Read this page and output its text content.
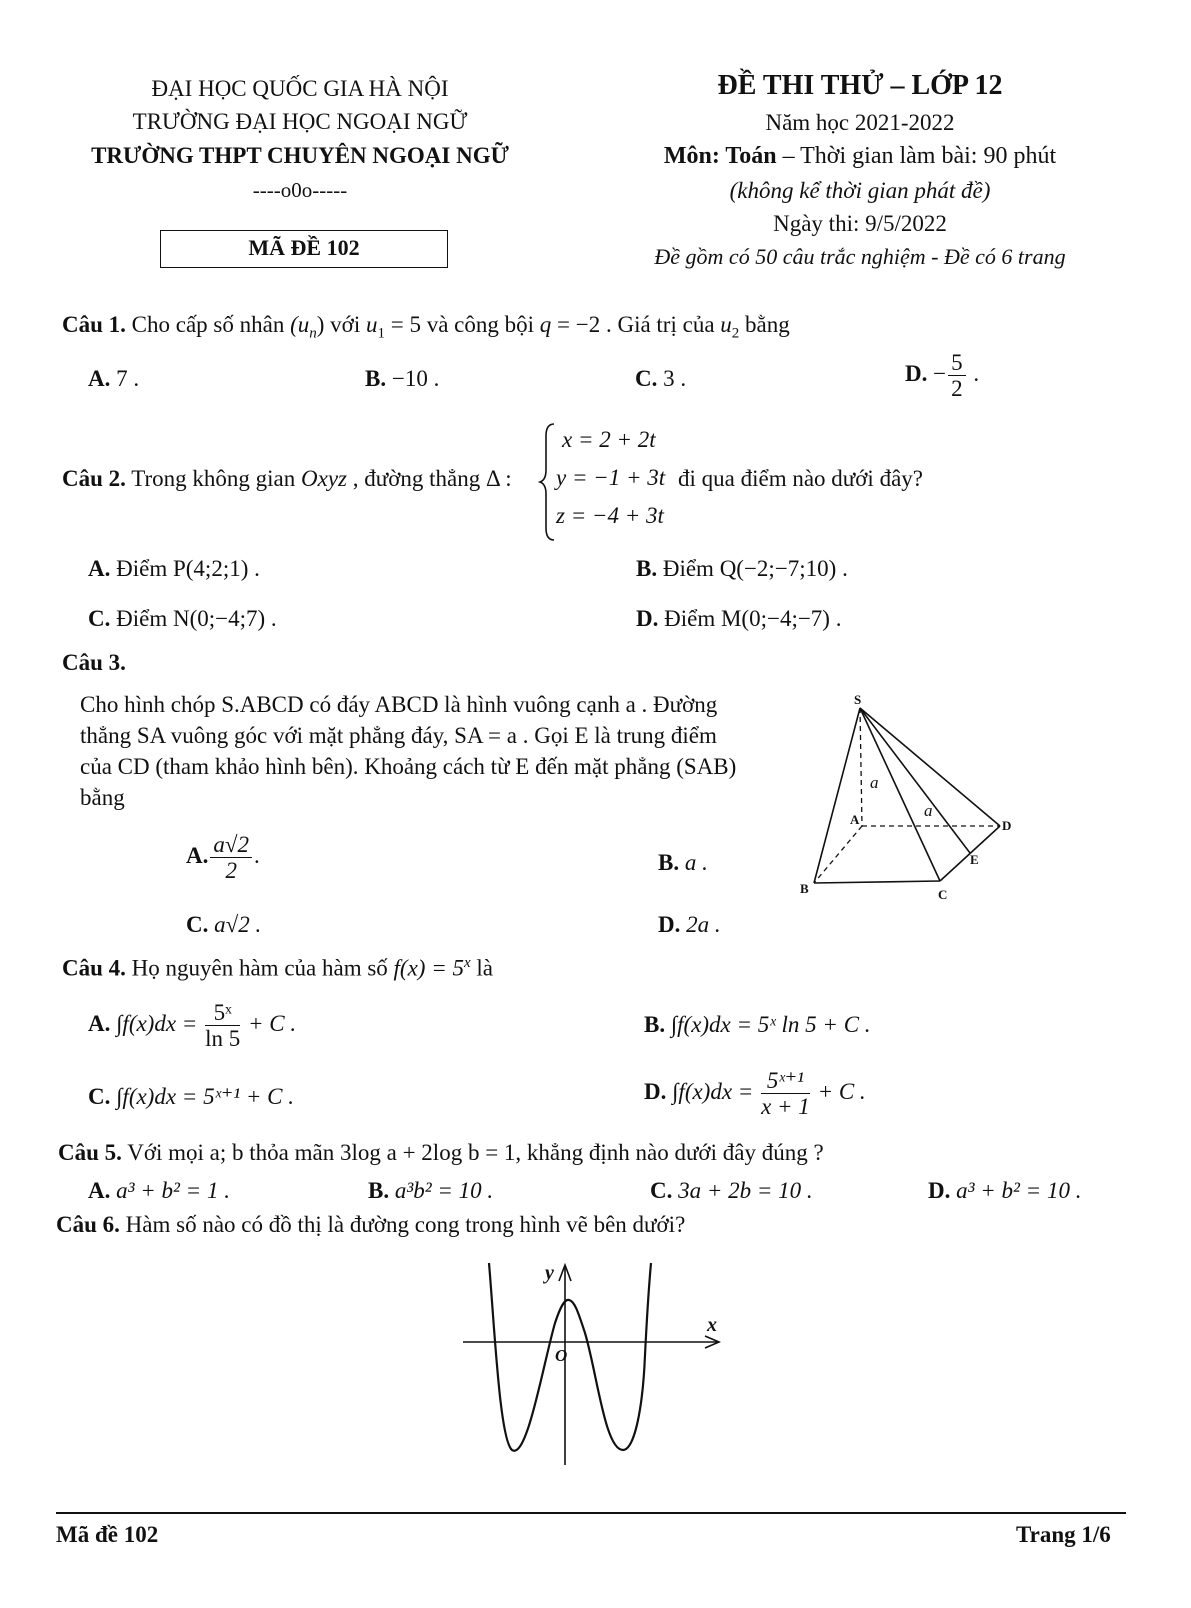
ĐẠI HỌC QUỐC GIA HÀ NỘI
TRƯỜNG ĐẠI HỌC NGOẠI NGỮ
TRƯỜNG THPT CHUYÊN NGOẠI NGỮ
----o0o-----
MÃ ĐỀ 102
ĐỀ THI THỬ – LỚP 12
Năm học 2021-2022
Môn: Toán – Thời gian làm bài: 90 phút
(không kể thời gian phát đề)
Ngày thi: 9/5/2022
Đề gồm có 50 câu trắc nghiệm - Đề có 6 trang
Câu 1. Cho cấp số nhân $(u_n)$ với $u_1 = 5$ và công bội q = −2 . Giá trị của $u_2$ bằng
A. 7 .	B. −10 .	C. 3 .	D. − $\frac{5}{2}$ .
Câu 2. Trong không gian Oxyz , đường thẳng Δ :
x = 2 + 2t
y = −1 + 3t
z = −4 + 3t
đi qua điểm nào dưới đây?
A. Điểm P(4;2;1) .	B. Điểm Q(−2;−7;10) .
C. Điểm N(0;−4;7) .	D. Điểm M(0;−4;−7) .
Câu 3.
Cho hình chóp S.ABCD có đáy ABCD là hình vuông cạnh a . Đường thẳng SA vuông góc với mặt phẳng đáy, SA = a . Gọi E là trung điểm của CD (tham khảo hình bên). Khoảng cách từ E đến mặt phẳng (SAB) bằng
A. $\frac{a√2}{2}$ .	B. a .
C. a√2 .	D. 2a .
S
A
B	C
D
E
a
a
Câu 4. Họ nguyên hàm của hàm số $f(x) = 5^x$ là
A. $\int f(x)dx = \frac{\text{5ˣ}}{\ln 5} + C$ .	B. ∫f(x)dx = 5ˣ ln 5 + C .
C. ∫f(x)dx = 5ˣ⁺¹ + C .	D. $\int f(x)dx = \frac{\text{5ˣ⁺¹}}{x + 1} + C$ .
Câu 5. Với mọi a; b thỏa mãn 3log a + 2log b = 1, khẳng định nào dưới đây đúng ?
A. a³ + b² = 1 .	B. a³b² = 10 .	C. 3a + 2b = 10 .	D. a³ + b² = 10 .
Câu 6. Hàm số nào có đồ thị là đường cong trong hình vẽ bên dưới?
x
y
O
Mã đề 102	Trang 1/6
